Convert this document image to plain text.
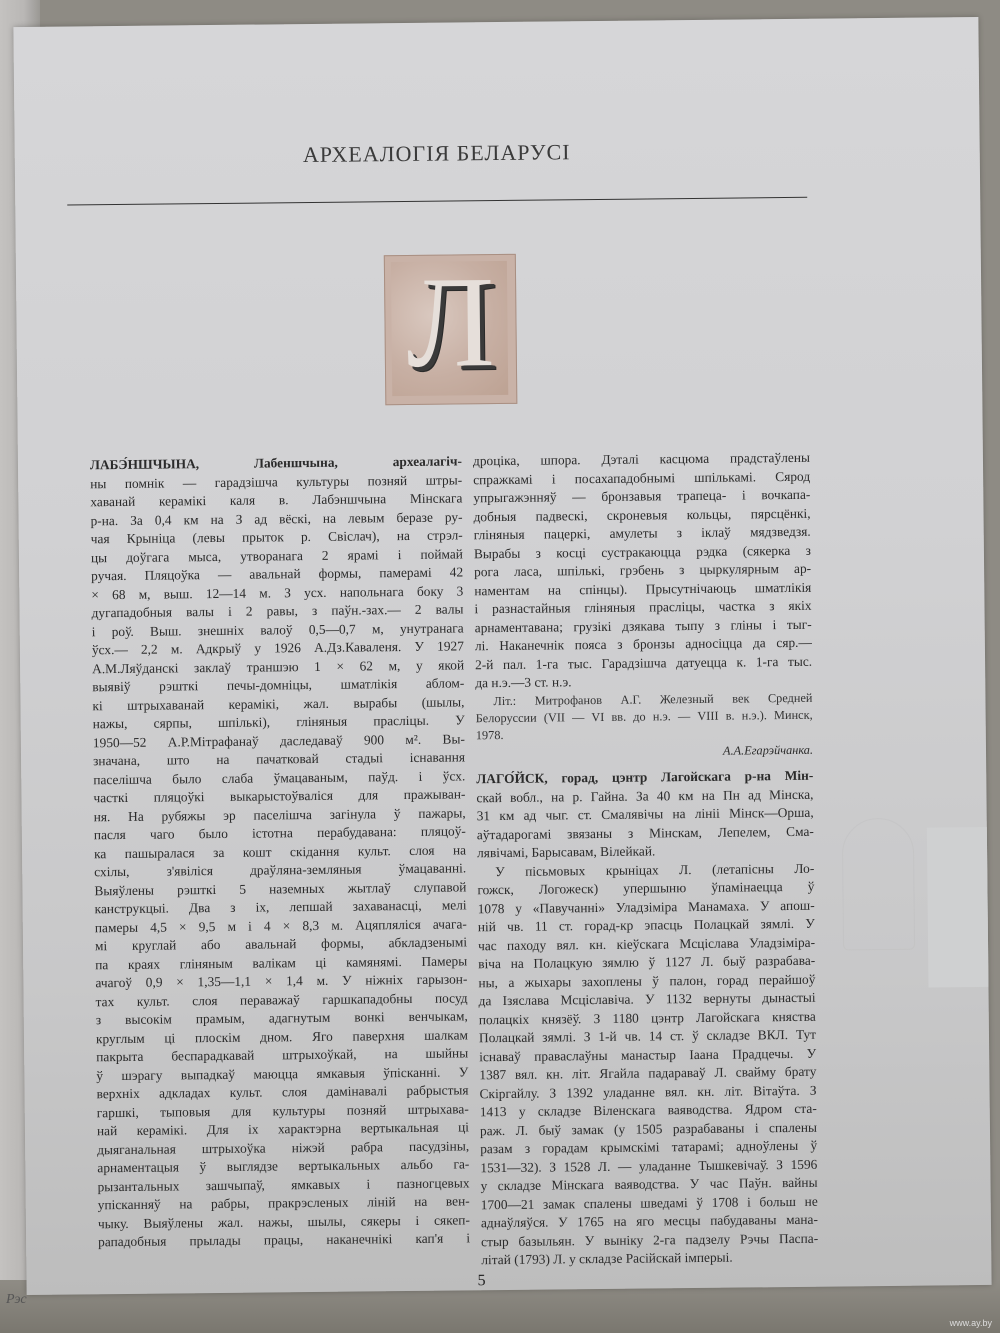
АРХЕАЛОГІЯ БЕЛАРУСІ
Л
ЛАБЭ́НШЧЫНА, Лабеншчына, археалагіч-
ны помнік — гарадзішча культуры позняй штры-
хаванай керамікі каля в. Лабэншчына Мінскага
р-на. За 0,4 км на З ад вёскі, на левым беразе ру-
чая Крыніца (левы прыток р. Свіслач), на стрэл-
цы доўгага мыса, утворанага 2 ярамі і поймай
ручая. Пляцоўка — авальнай формы, памерамі 42
× 68 м, выш. 12—14 м. З усх. напольнага боку 3
дугападобныя валы і 2 равы, з паўн.-зах.— 2 валы
і роў. Выш. знешніх валоў 0,5—0,7 м, унутранага
ўсх.— 2,2 м. Адкрыў у 1926 А.Дз.Каваленя. У 1927
А.М.Ляўданскі заклаў траншэю 1 × 62 м, у якой
выявіў рэшткі печы-домніцы, шматлікія аблом-
кі штрыхаванай керамікі, жал. вырабы (шылы,
нажы, сярпы, шпількі), гліняныя прасліцы. У
1950—52 А.Р.Мітрафанаў даследаваў 900 м². Вы-
значана, што на пачатковай стадыі існавання
паселішча было слаба ўмацаваным, паўд. і ўсх.
часткі пляцоўкі выкарыстоўваліся для пражыван-
ня. На рубяжы эр паселішча загінула ў пажары,
пасля чаго было істотна перабудавана: пляцоў-
ка пашыралася за кошт скідання культ. слоя на
схілы, з'явіліся драўляна-земляныя ўмацаванні.
Выяўлены рэшткі 5 наземных жытлаў слупавой
канструкцыі. Два з іх, лепшай захаванасці, мелі
памеры 4,5 × 9,5 м і 4 × 8,3 м. Ацяпляліся ачага-
мі круглай або авальнай формы, абкладзенымі
па краях гліняным валікам ці камянямі. Памеры
ачагоў 0,9 × 1,35—1,1 × 1,4 м. У ніжніх гарызон-
тах культ. слоя пераважаў гаршкападобны посуд
з высокім прамым, адагнутым вонкі венчыкам,
круглым ці плоскім дном. Яго паверхня шалкам
пакрыта беспарадкавай штрыхоўкай, на шыйны
ў шэрагу выпадкаў маюцца ямкавыя ўпісканні. У
верхніх адкладах культ. слоя дамінавалі рабрыстыя
гаршкі, тыповыя для культуры позняй штрыхава-
най керамікі. Для іх характэрна вертыкальная ці
дыяганальная штрыхоўка ніжэй рабра пасудзіны,
арнаментацыя ў выглядзе вертыкальных альбо га-
рызантальных зашчыпаў, ямкавых і пазногцевых
упісканняў на рабры, пракрэсленых ліній на вен-
чыку. Выяўлены жал. нажы, шылы, сякеры і сякеп-
рападобныя прылады працы, наканечнікі кап'я і
дроціка, шпора. Дэталі касцюма прадстаўлены
спражкамі і посахападобнымі шпількамі. Сярод
упрыгажэнняў — бронзавыя трапеца- і вочкапа-
добныя падвескі, скроневыя кольцы, пярсцёнкі,
гліняныя пацеркі, амулеты з іклаў мядзведзя.
Вырабы з косці сустракаюцца рэдка (сякерка з
рога ласа, шпількі, грэбень з цыркулярным ар-
наментам на спінцы). Прысутнічаюць шматлікія
і разнастайныя гліняныя праслiцы, частка з якіх
арнаментавана; грузікі дзякава тыпу з гліны і тыг-
лі. Наканечнік пояса з бронзы адносіцца да сяр.—
2-й пал. 1-га тыс. Гарадзішча датуецца к. 1-га тыс.
да н.э.—3 ст. н.э.
Літ.: Митрофанов А.Г. Железный век Средней
Белоруссии (VII — VI вв. до н.э. — VIII в. н.э.). Минск,
1978.
А.А.Егарэйчанка.
ЛАГО́ЙСК, горад, цэнтр Лагойскага р-на Мін-
скай вобл., на р. Гайна. За 40 км на Пн ад Мінска,
31 км ад чыг. ст. Смалявічы на лініі Мінск—Орша,
аўтадарогамі звязаны з Мінскам, Лепелем, Сма-
лявічамі, Барысавам, Вілейкай.
У пісьмовых крыніцах Л. (летапісны Ло-
гожск, Логожеск) упершыню ўпамінаецца ў
1078 у «Павучанні» Уладзіміра Манамаха. У апош-
ній чв. 11 ст. горад-кр эпасць Полацкай зямлі. У
час паходу вял. кн. кіеўскага Мсціслава Уладзіміра-
віча на Полацкую зямлю ў 1127 Л. быў разрабава-
ны, а жыхары захоплены ў палон, горад перайшоў
да Ізяслава Мсціславіча. У 1132 вернуты дынастыі
полацкіх князёў. З 1180 цэнтр Лагойскага княства
Полацкай зямлі. З 1-й чв. 14 ст. ў складзе ВКЛ. Тут
існаваў праваслаўны манастыр Іаана Прадцечы. У
1387 вял. кн. літ. Ягайла падараваў Л. свайму брату
Скіргайлу. З 1392 уладанне вял. кн. літ. Вітаўта. З
1413 у складзе Віленскага ваяводства. Ядром ста-
раж. Л. быў замак (у 1505 разрабаваны і спалены
разам з горадам крымскімі татарамі; адноўлены ў
1531—32). З 1528 Л. — уладанне Тышкевічаў. З 1596
у складзе Мінскага ваяводства. У час Паўн. вайны
1700—21 замак спалены шведамі ў 1708 і больш не
аднаўляўся. У 1765 на яго месцы пабудаваны мана-
стыр базыльян. У выніку 2-га падзелу Рэчы Паспа-
літай (1793) Л. у складзе Расійскай імперыі.
5
Рэс
www.ay.by
